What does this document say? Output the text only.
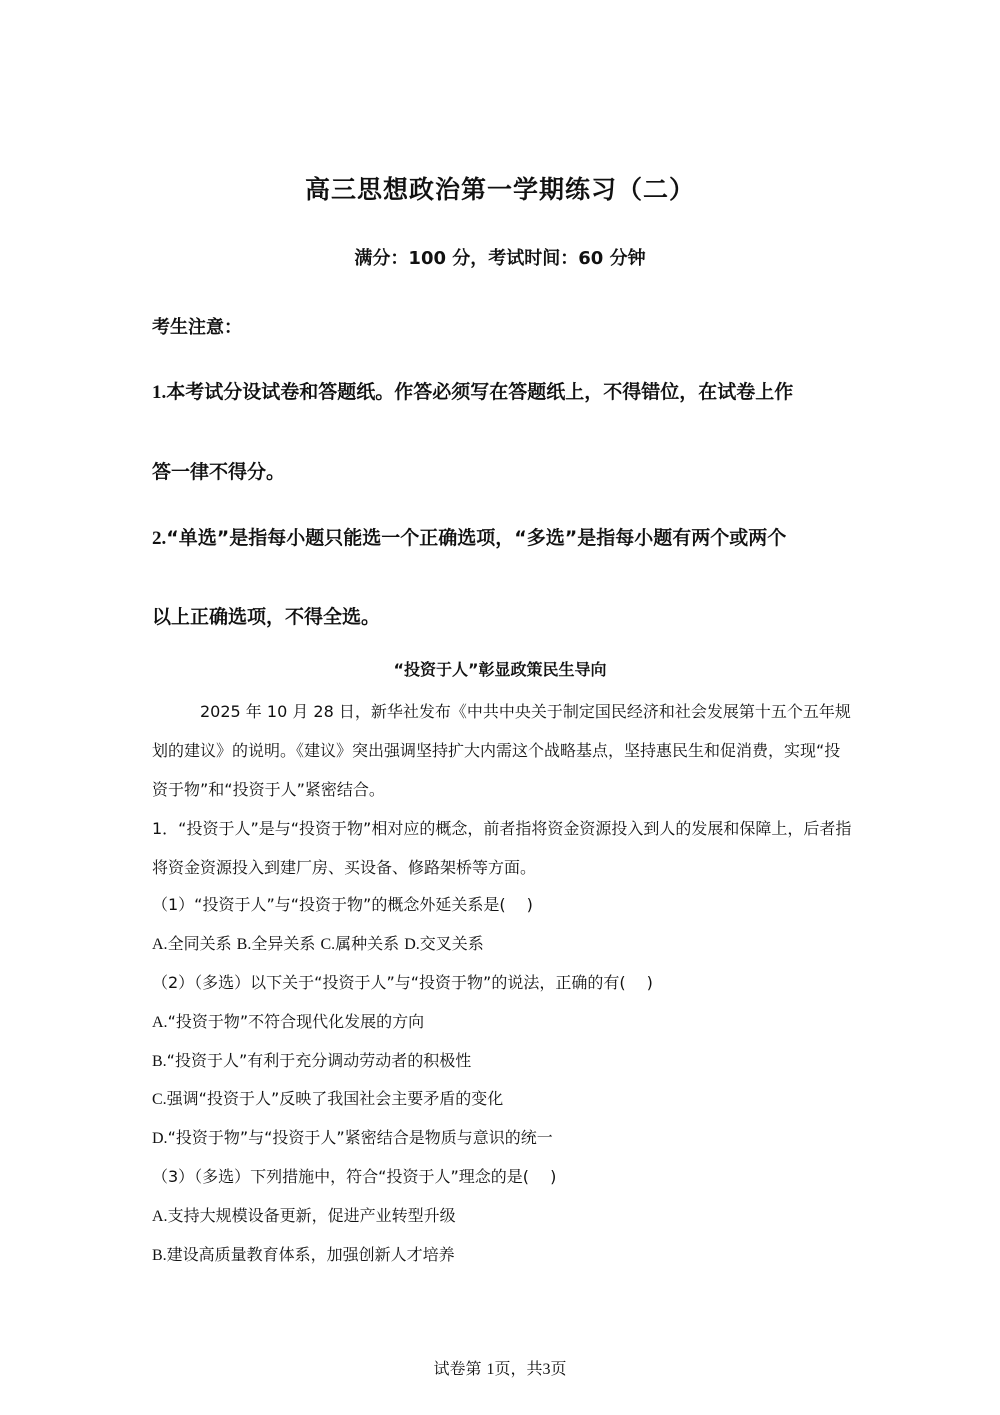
高三思想政治第一学期练习（二）
满分：100 分，考试时间：60 分钟
考生注意：
1.本考试分设试卷和答题纸。作答必须写在答题纸上，不得错位，在试卷上作
答一律不得分。
2.“单选”是指每小题只能选一个正确选项，“多选”是指每小题有两个或两个
以上正确选项，不得全选。
“投资于人”彰显政策民生导向
2025 年 10 月 28 日，新华社发布《中共中央关于制定国民经济和社会发展第十五个五年规划的建议》的说明。《建议》突出强调坚持扩大内需这个战略基点，坚持惠民生和促消费，实现“投资于物”和“投资于人”紧密结合。
1．“投资于人”是与“投资于物”相对应的概念，前者指将资金资源投入到人的发展和保障上，后者指将资金资源投入到建厂房、买设备、修路架桥等方面。
（1）“投资于人”与“投资于物”的概念外延关系是(　 )
A.全同关系 B.全异关系 C.属种关系 D.交叉关系
（2）（多选）以下关于“投资于人”与“投资于物”的说法，正确的有(　 )
A.“投资于物”不符合现代化发展的方向
B.“投资于人”有利于充分调动劳动者的积极性
C.强调“投资于人”反映了我国社会主要矛盾的变化
D.“投资于物”与“投资于人”紧密结合是物质与意识的统一
（3）（多选）下列措施中，符合“投资于人”理念的是(　 )
A.支持大规模设备更新，促进产业转型升级
B.建设高质量教育体系，加强创新人才培养
试卷第 1页，共3页
